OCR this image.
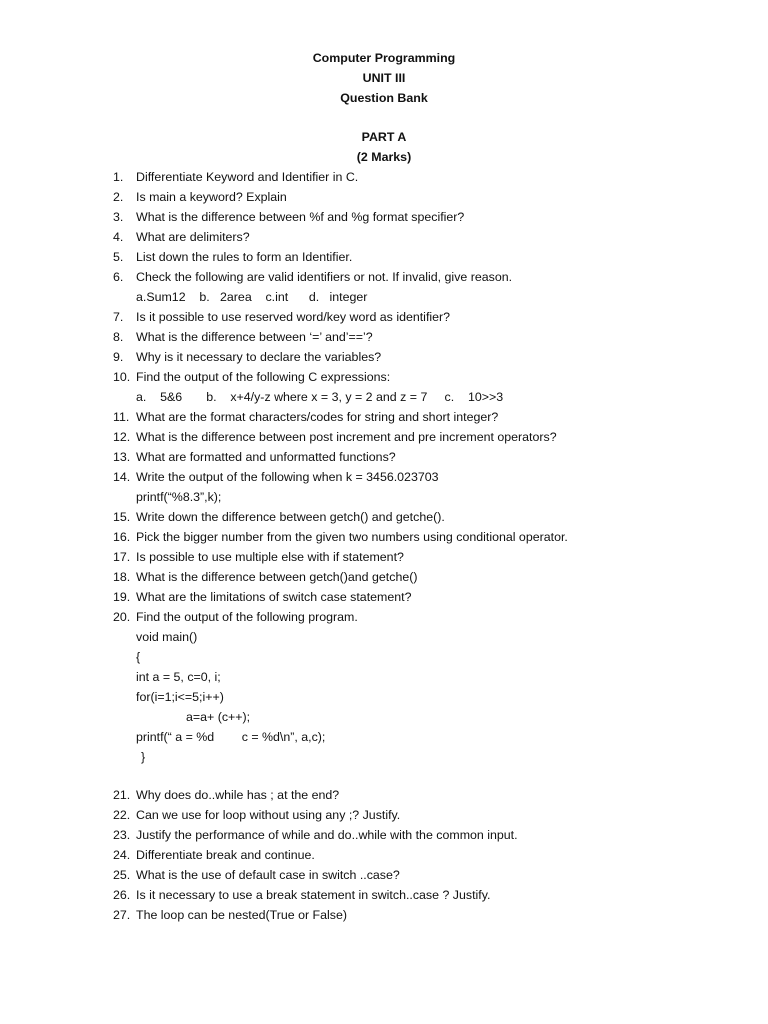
Computer Programming
UNIT III
Question Bank
PART A
(2 Marks)
1.	Differentiate Keyword and Identifier in C.
2.	Is main a keyword? Explain
3.	What is the difference between %f and %g format specifier?
4.	What are delimiters?
5.	List down the rules to form an Identifier.
6.	Check the following are valid identifiers or not. If invalid, give reason.
a.Sum12    b.   2area    c.int      d.   integer
7.	Is it possible to use reserved word/key word as identifier?
8.	What is the difference between ‘=’ and’==’?
9.	Why is it necessary to declare the variables?
10. Find the output of the following C expressions:
a.    5&6       b.    x+4/y-z where x = 3, y = 2 and z = 7     c.    10>>3
11. What are the format characters/codes for string and short integer?
12. What is the difference between post increment and pre increment operators?
13. What are formatted and unformatted functions?
14. Write the output of the following when k = 3456.023703
printf(“%8.3”,k);
15. Write down the difference between getch() and getche().
16. Pick the bigger number from the given two numbers using conditional operator.
17. Is possible to use multiple else with if statement?
18. What is the difference between getch()and getche()
19. What are the limitations of switch case statement?
20. Find the output of the following program.
void main()
{
int a = 5, c=0, i;
for(i=1;i<=5;i++)
a=a+ (c++);
printf(“ a = %d        c = %d\n”, a,c);
}
21. Why does do..while has ; at the end?
22. Can we use for loop without using any ;? Justify.
23. Justify the performance of while and do..while with the common input.
24. Differentiate break and continue.
25. What is the use of default case in switch ..case?
26. Is it necessary to use a break statement in switch..case ? Justify.
27. The loop can be nested(True or False)
